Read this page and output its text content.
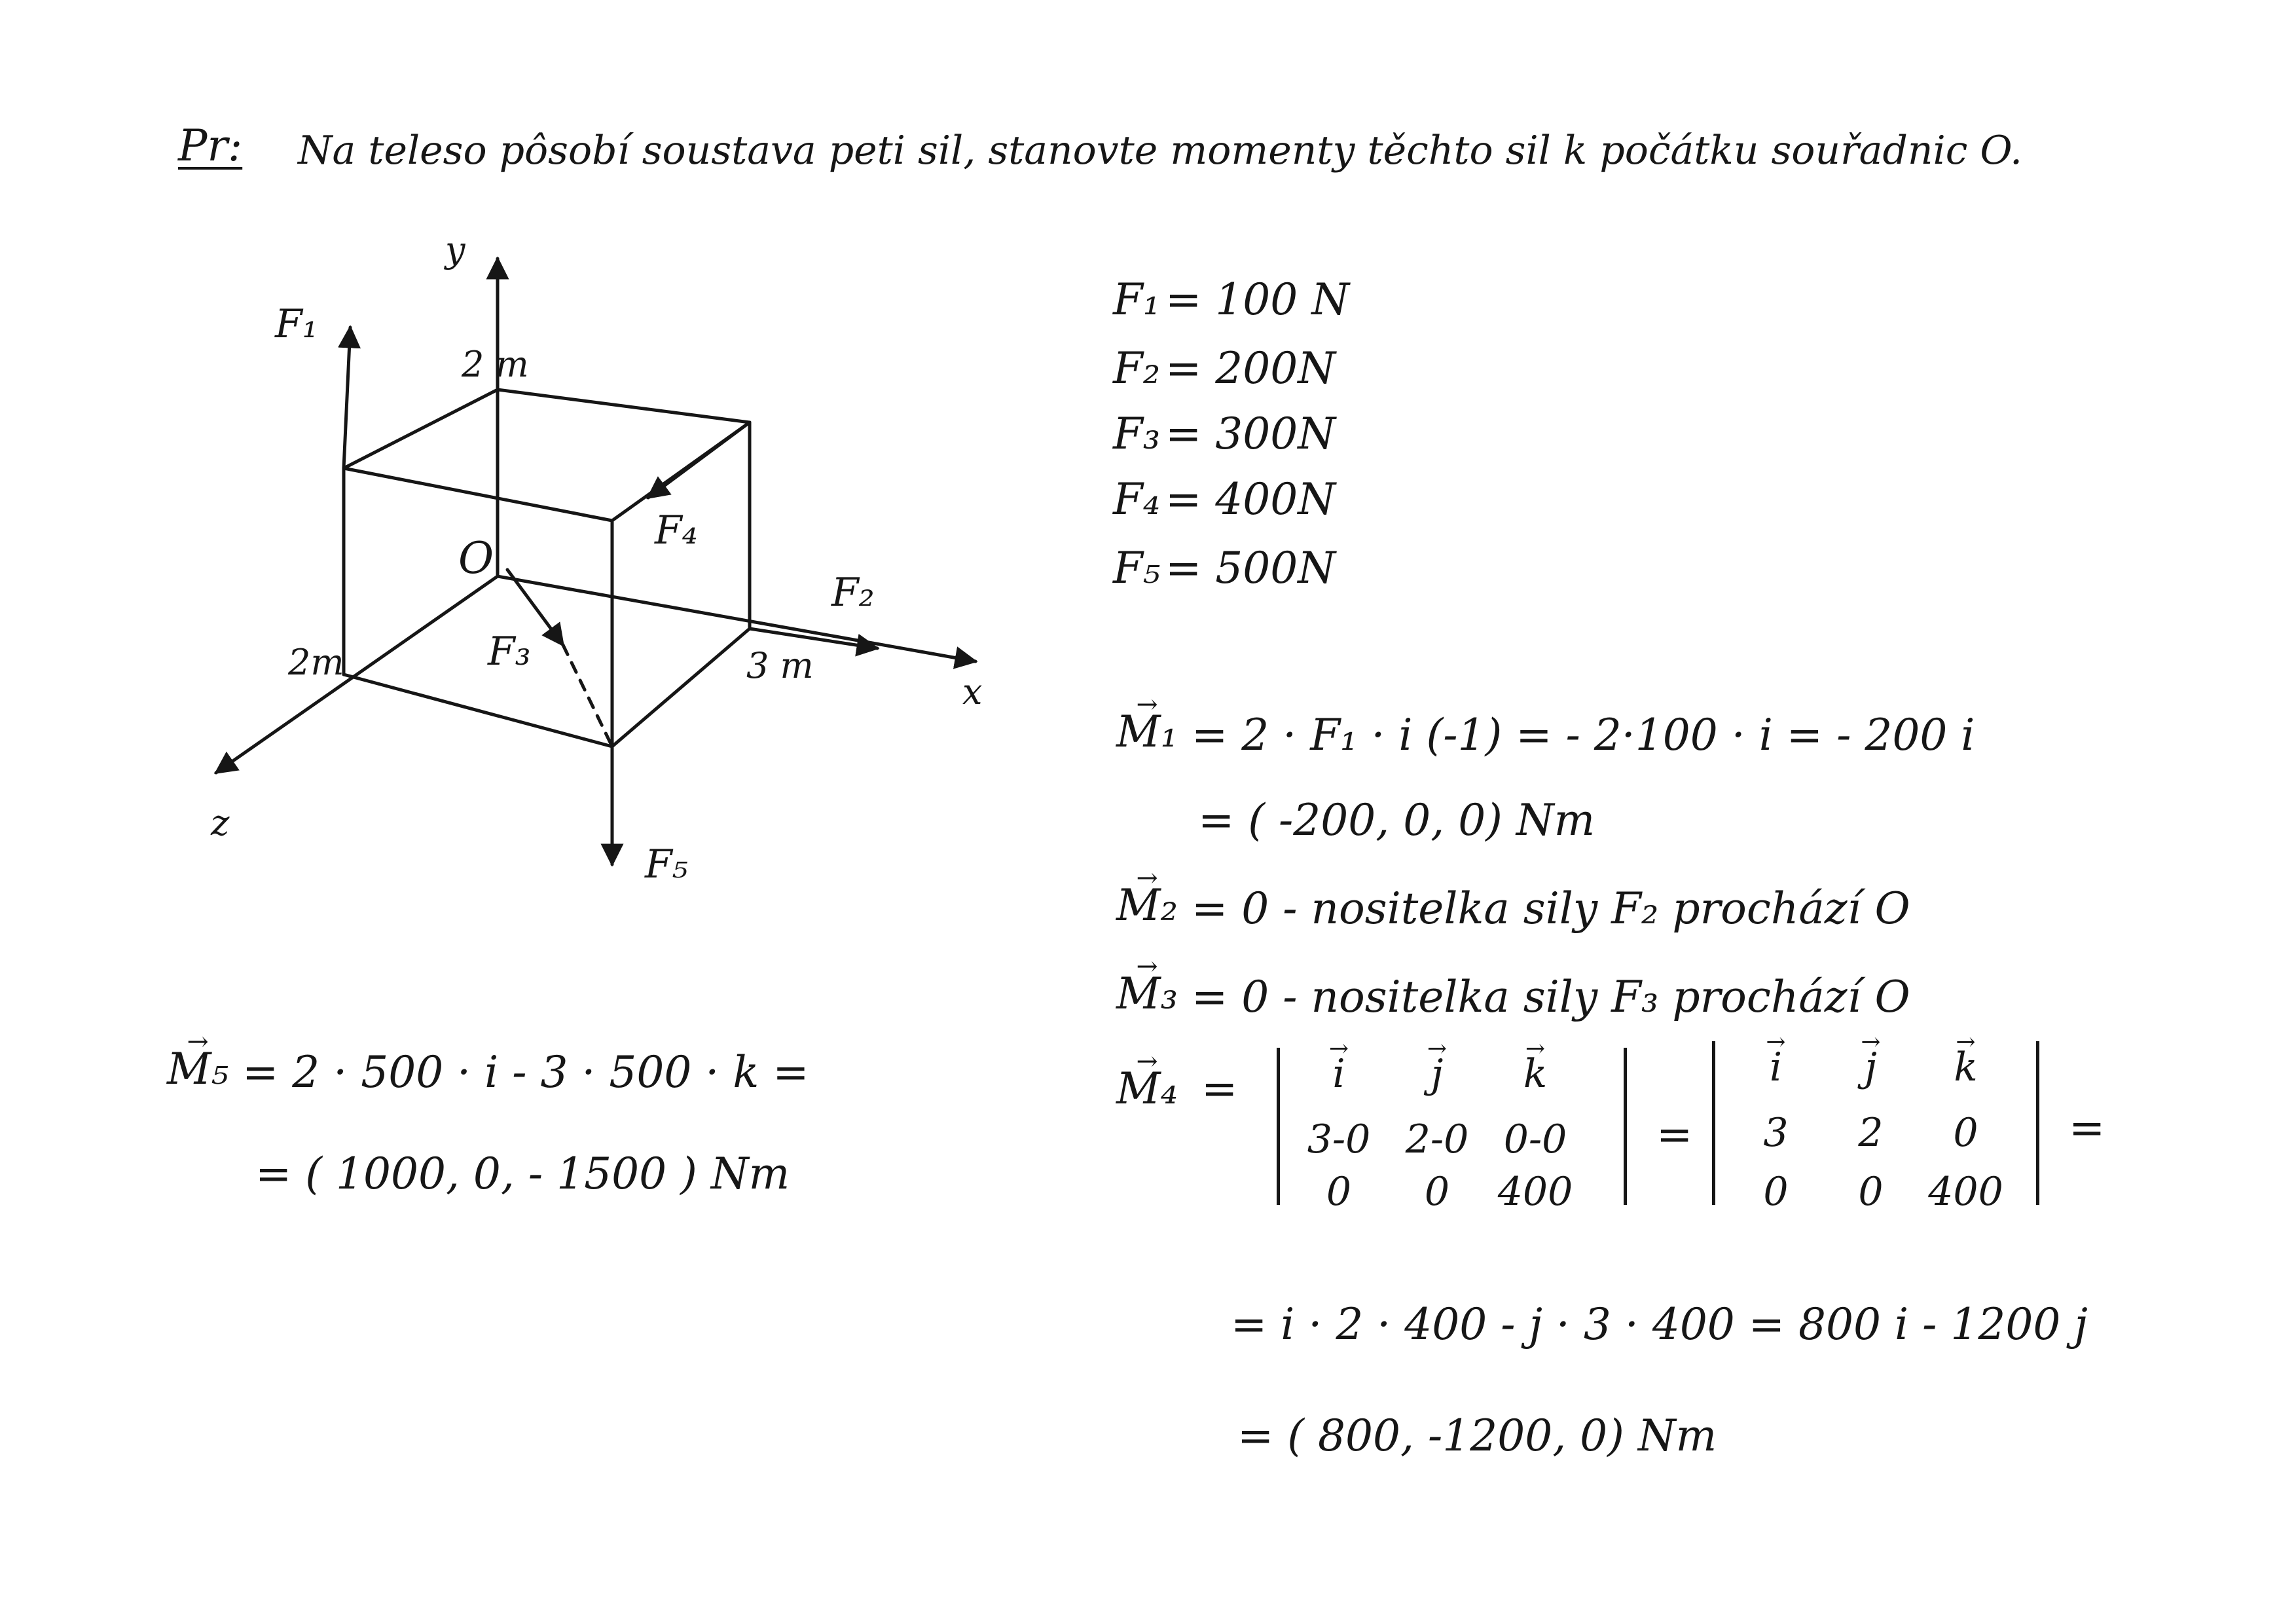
Pr: Na teleso pôsobí soustava peti sil, stanovte momenty těchto sil k počátku souřadnic O.
y
x
z
O
2 m
3 m
2m
F₁
F₂
F₃
F₄
F₅
F₁ = 100 N
F₂ = 200N
F₃ = 300N
F₄ = 400N
F₅ = 500N
→ M₁ = 2 · F₁ · i (-1) = - 2·100 · i = - 200 i
= ( -200, 0, 0) Nm
→ M₂ = 0 - nositelka sily F₂ prochází O
→ M₃ = 0 - nositelka sily F₃ prochází O
→ M₄ =	→ i	→ j	→ k
3-0 2-0 0-0
0	0	400
=
→ i	→ j	→ k
3	2	0
0	0	400
=
= i · 2 · 400 - j · 3 · 400 = 800 i - 1200 j
= ( 800, -1200, 0) Nm
→ M₅ = 2 · 500 · i - 3 · 500 · k =
= ( 1000, 0, - 1500 ) Nm
